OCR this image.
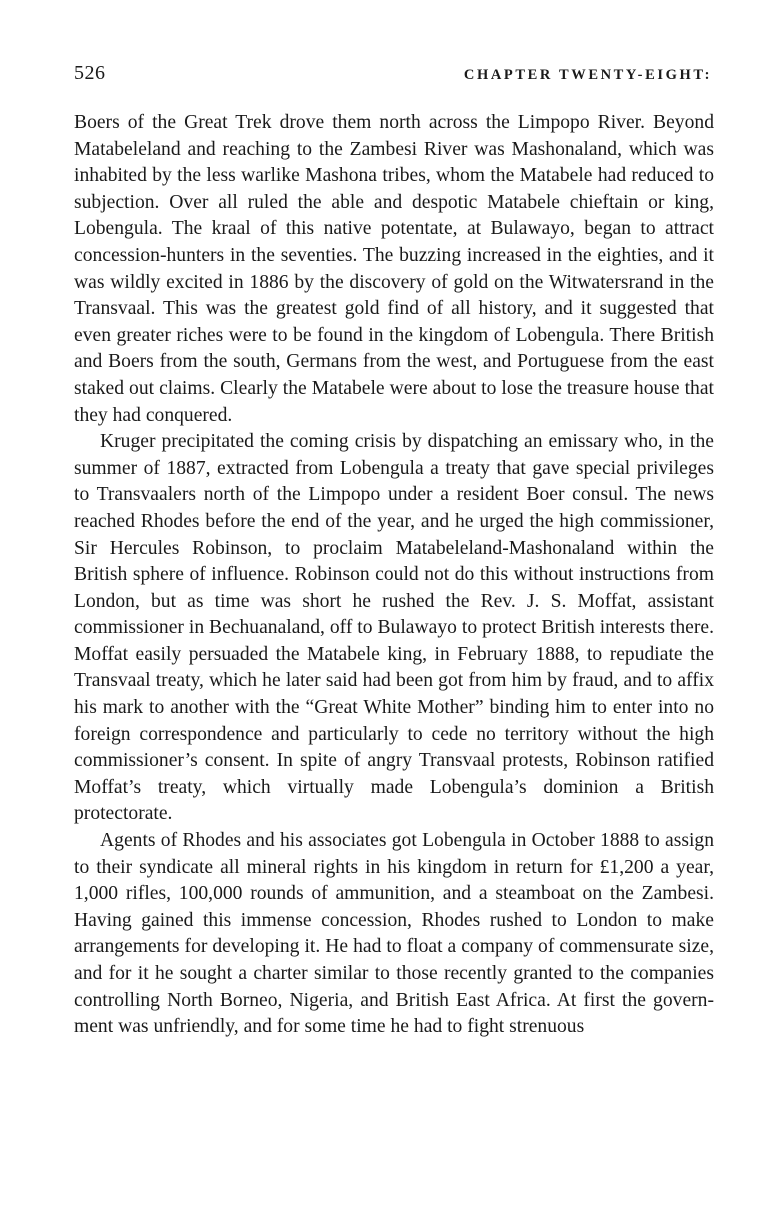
526	CHAPTER TWENTY-EIGHT:

Boers of the Great Trek drove them north across the Limpopo River. Beyond Matabeleland and reaching to the Zambesi River was Mashonaland, which was inhabited by the less warlike Mashona tribes, whom the Matabele had reduced to subjection. Over all ruled the able and despotic Matabele chieftain or king, Lobengula. The kraal of this native potentate, at Bulawayo, began to attract concession-hunters in the seventies. The buzzing increased in the eighties, and it was wildly excited in 1886 by the discovery of gold on the Witwatersrand in the Transvaal. This was the greatest gold find of all history, and it suggested that even greater riches were to be found in the kingdom of Lobengula. There British and Boers from the south, Germans from the west, and Portuguese from the east staked out claims. Clearly the Matabele were about to lose the treasure house that they had conquered.

Kruger precipitated the coming crisis by dispatching an emissary who, in the summer of 1887, extracted from Lobengula a treaty that gave special privileges to Transvaalers north of the Limpopo under a resident Boer consul. The news reached Rhodes before the end of the year, and he urged the high commissioner, Sir Hercules Robinson, to proclaim Matabeleland-Mashonaland within the British sphere of influence. Robinson could not do this without instructions from London, but as time was short he rushed the Rev. J. S. Moffat, assistant commissioner in Bechuanaland, off to Bulawayo to protect British interests there. Moffat easily persuaded the Matabele king, in February 1888, to repudiate the Transvaal treaty, which he later said had been got from him by fraud, and to affix his mark to another with the “Great White Mother” binding him to enter into no foreign correspondence and particularly to cede no territory without the high commissioner’s consent. In spite of angry Transvaal protests, Robinson ratified Moffat’s treaty, which virtually made Lobengula’s dominion a British protectorate.

Agents of Rhodes and his associates got Lobengula in October 1888 to assign to their syndicate all mineral rights in his kingdom in return for £1,200 a year, 1,000 rifles, 100,000 rounds of ammunition, and a steamboat on the Zambesi. Having gained this immense concession, Rhodes rushed to London to make arrangements for developing it. He had to float a company of commensurate size, and for it he sought a charter similar to those recently granted to the companies controlling North Borneo, Nigeria, and British East Africa. At first the government was unfriendly, and for some time he had to fight strenuous
